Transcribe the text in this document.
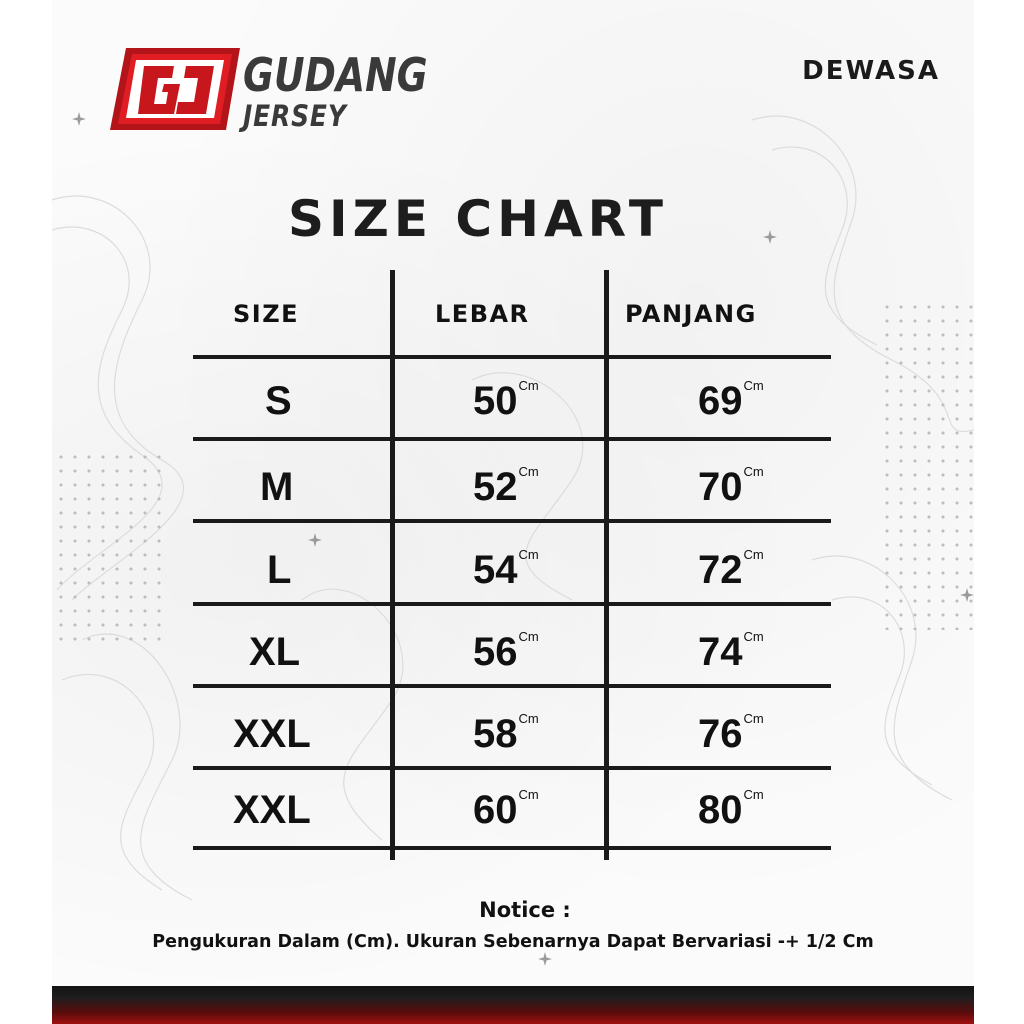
GUDANG
JERSEY
DEWASA
SIZE CHART
SIZE	LEBAR	PANJANG
S	$50^{Cm}$	$69^{Cm}$
M	$52^{Cm}$	$70^{Cm}$
L	$54^{Cm}$	$72^{Cm}$
XL	$56^{Cm}$	$74^{Cm}$
XXL	$58^{Cm}$	$76^{Cm}$
XXL	$60^{Cm}$	$80^{Cm}$
Notice :
Pengukuran Dalam (Cm). Ukuran Sebenarnya Dapat Bervariasi -+ 1/2 Cm
